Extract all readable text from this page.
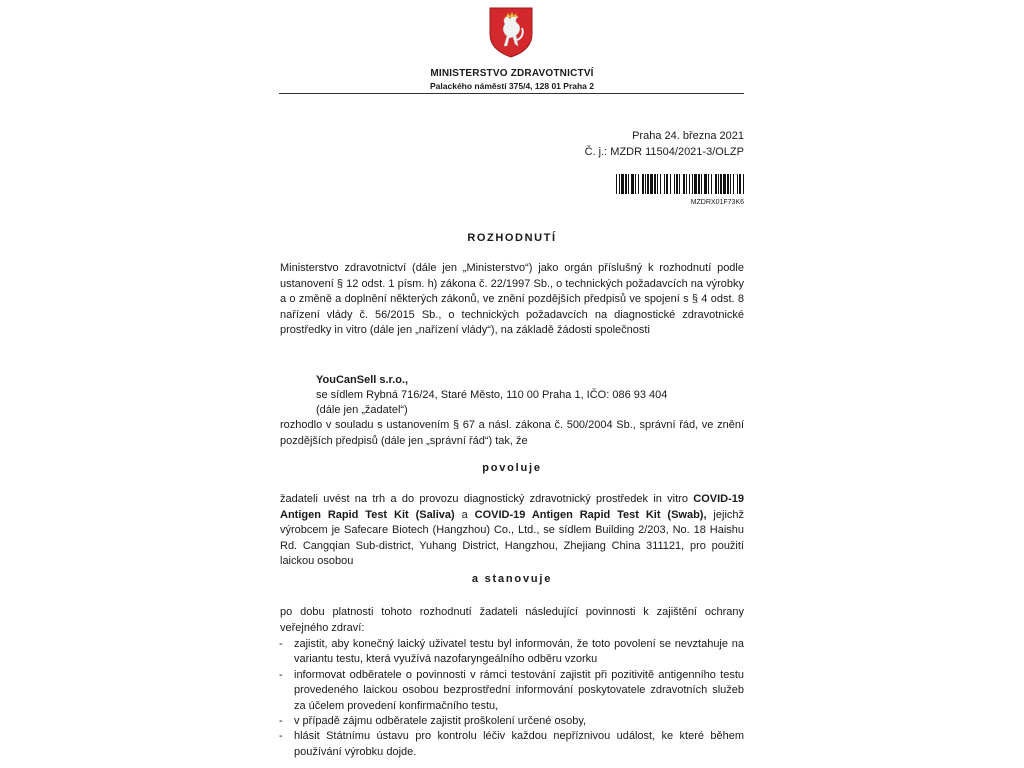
MINISTERSTVO ZDRAVOTNICTVÍ
Palackého náměstí 375/4, 128 01 Praha 2
Praha 24. března 2021
Č. j.: MZDR 11504/2021-3/OLZP
MZDRX01F73K6
ROZHODNUTÍ
Ministerstvo zdravotnictví (dále jen „Ministerstvo“) jako orgán příslušný k rozhodnutí podle ustanovení § 12 odst. 1 písm. h) zákona č. 22/1997 Sb., o technických požadavcích na výrobky a o změně a doplnění některých zákonů, ve znění pozdějších předpisů ve spojení s § 4 odst. 8 nařízení vlády č. 56/2015 Sb., o technických požadavcích na diagnostické zdravotnické prostředky in vitro (dále jen „nařízení vlády“), na základě žádosti společnosti
YouCanSell s.r.o.,
se sídlem Rybná 716/24, Staré Město, 110 00 Praha 1, IČO: 086 93 404
(dále jen „žadatel“)
rozhodlo v souladu s ustanovením § 67 a násl. zákona č. 500/2004 Sb., správní řád, ve znění pozdějších předpisů (dále jen „správní řád“) tak, že
povoluje
žadateli uvést na trh a do provozu diagnostický zdravotnický prostředek in vitro COVID-19 Antigen Rapid Test Kit (Saliva) a COVID-19 Antigen Rapid Test Kit (Swab), jejichž výrobcem je Safecare Biotech (Hangzhou) Co., Ltd., se sídlem Building 2/203, No. 18 Haishu Rd. Cangqian Sub-district, Yuhang District, Hangzhou, Zhejiang China 311121, pro použití laickou osobou
a stanovuje
po dobu platnosti tohoto rozhodnutí žadateli následující povinnosti k zajištění ochrany veřejného zdraví:
- zajistit, aby konečný laický uživatel testu byl informován, že toto povolení se nevztahuje na variantu testu, která využívá nazofaryngeálního odběru vzorku
- informovat odběratele o povinnosti v rámci testování zajistit při pozitivitě antigenního testu provedeného laickou osobou bezprostřední informování poskytovatele zdravotních služeb za účelem provedení konfirmačního testu,
- v případě zájmu odběratele zajistit proškolení určené osoby,
- hlásit Státnímu ústavu pro kontrolu léčiv každou nepříznivou událost, ke které během používání výrobku dojde.
